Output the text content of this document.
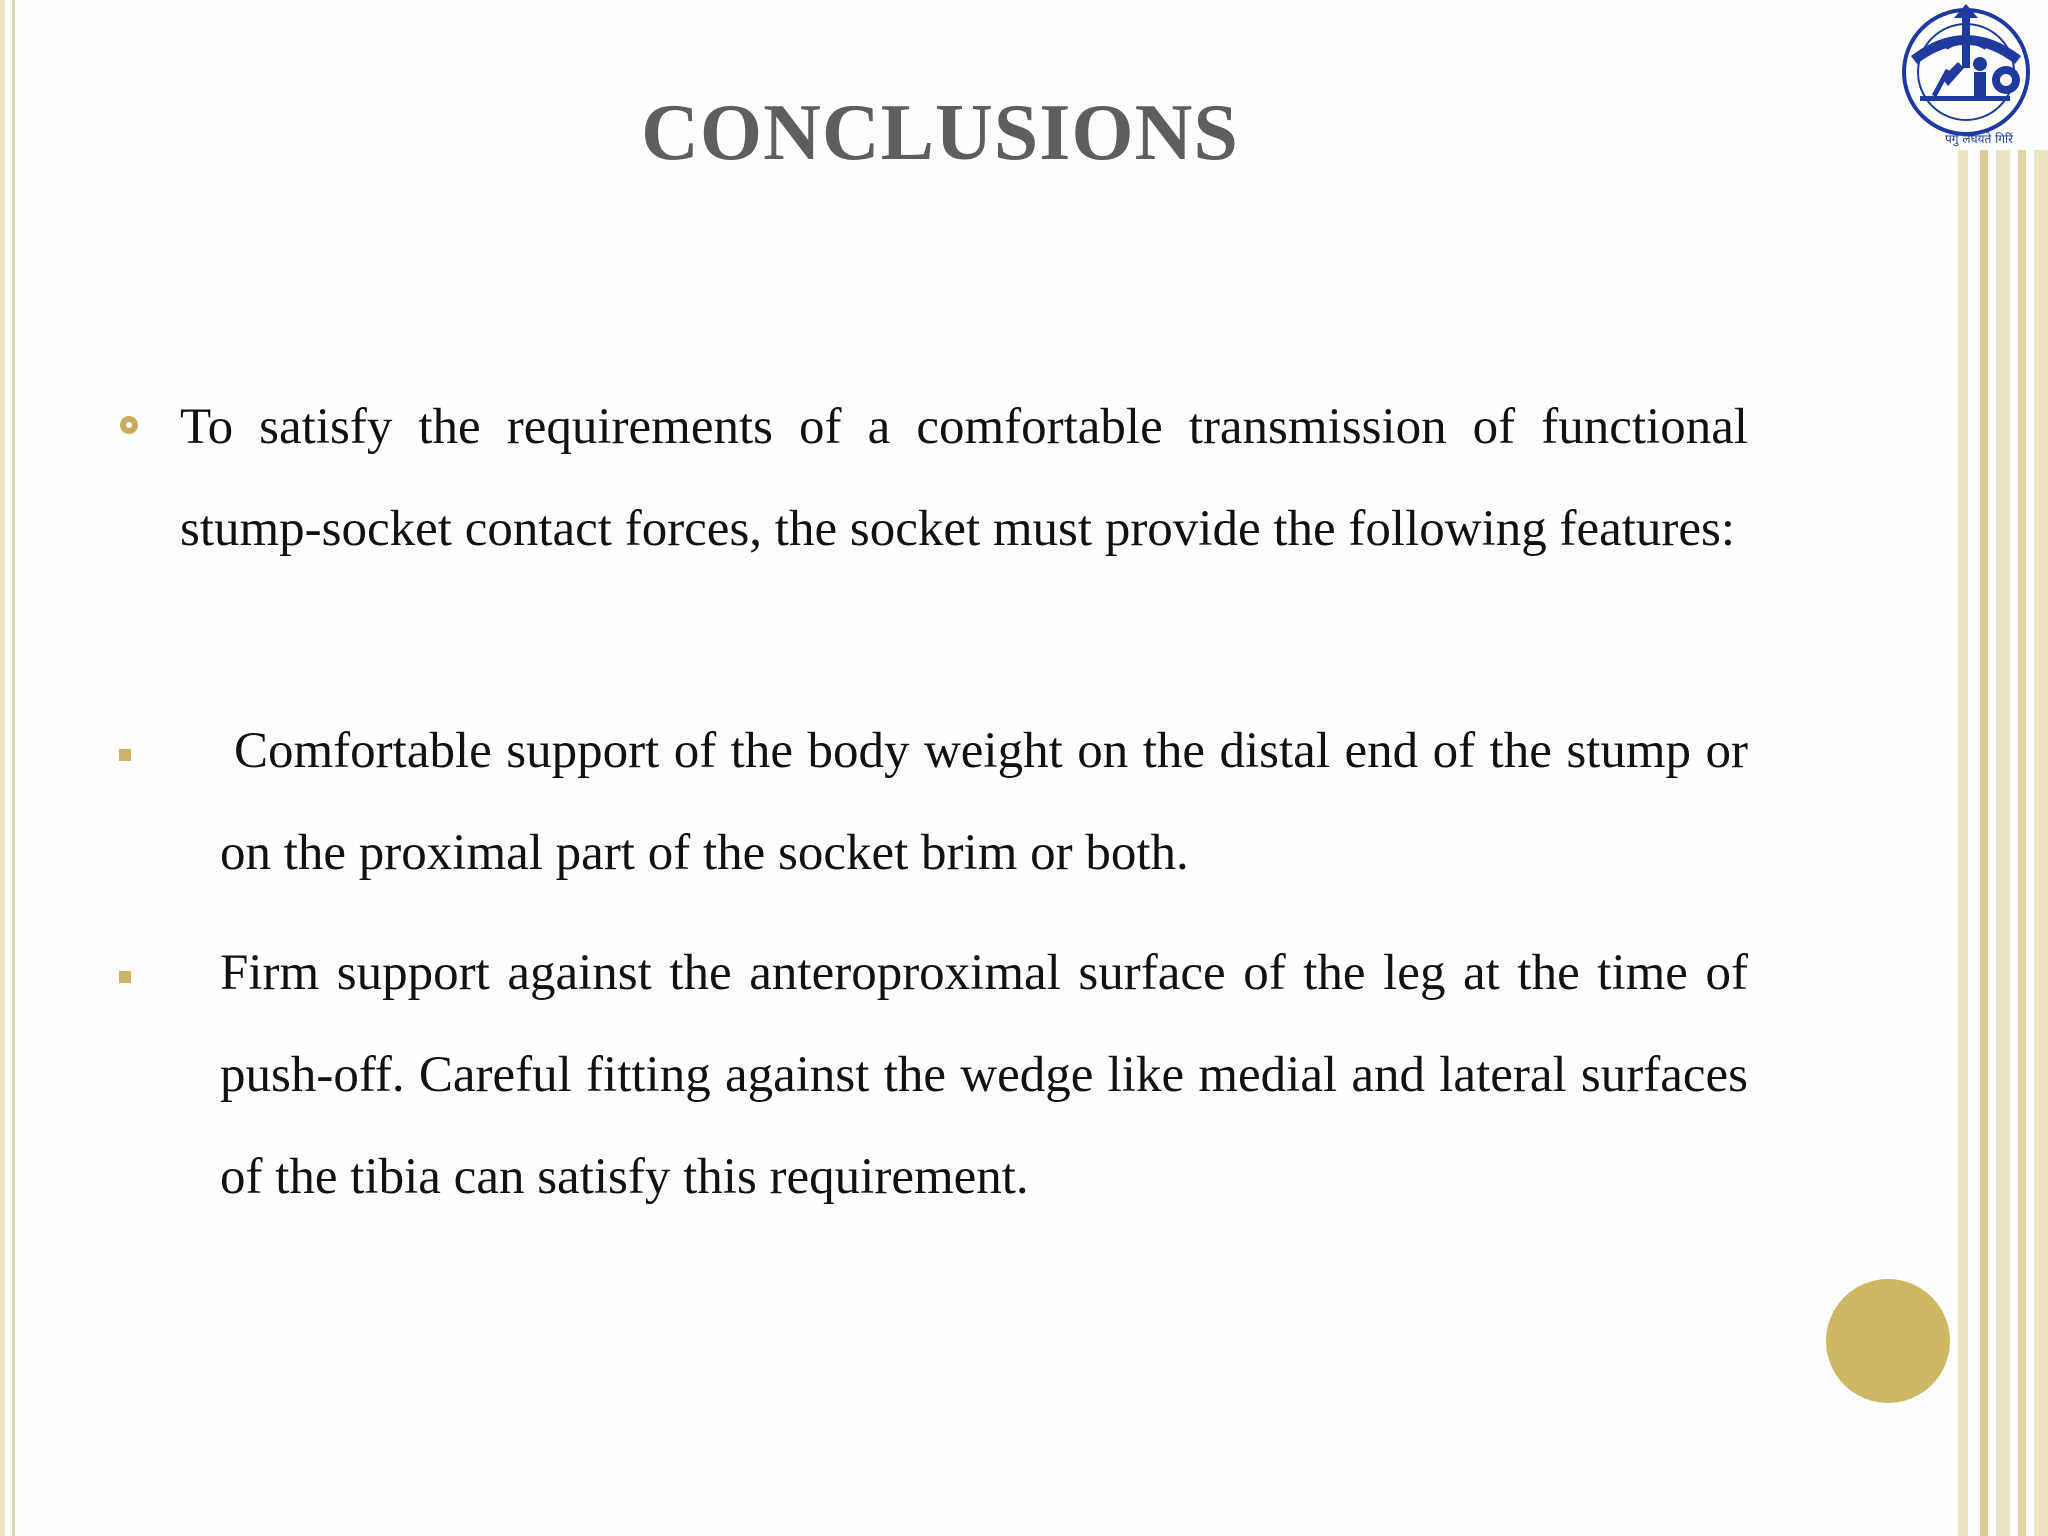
पंगु लंघयते गिरिं
CONCLUSIONS
To satisfy the requirements of a comfortable transmission of functional stump-socket contact forces, the socket must provide the following features:
Comfortable support of the body weight on the distal end of the stump or on the proximal part of the socket brim or both.
Firm support against the anteroproximal surface of the leg at the time of push-off. Careful fitting against the wedge like medial and lateral surfaces of the tibia can satisfy this requirement.
